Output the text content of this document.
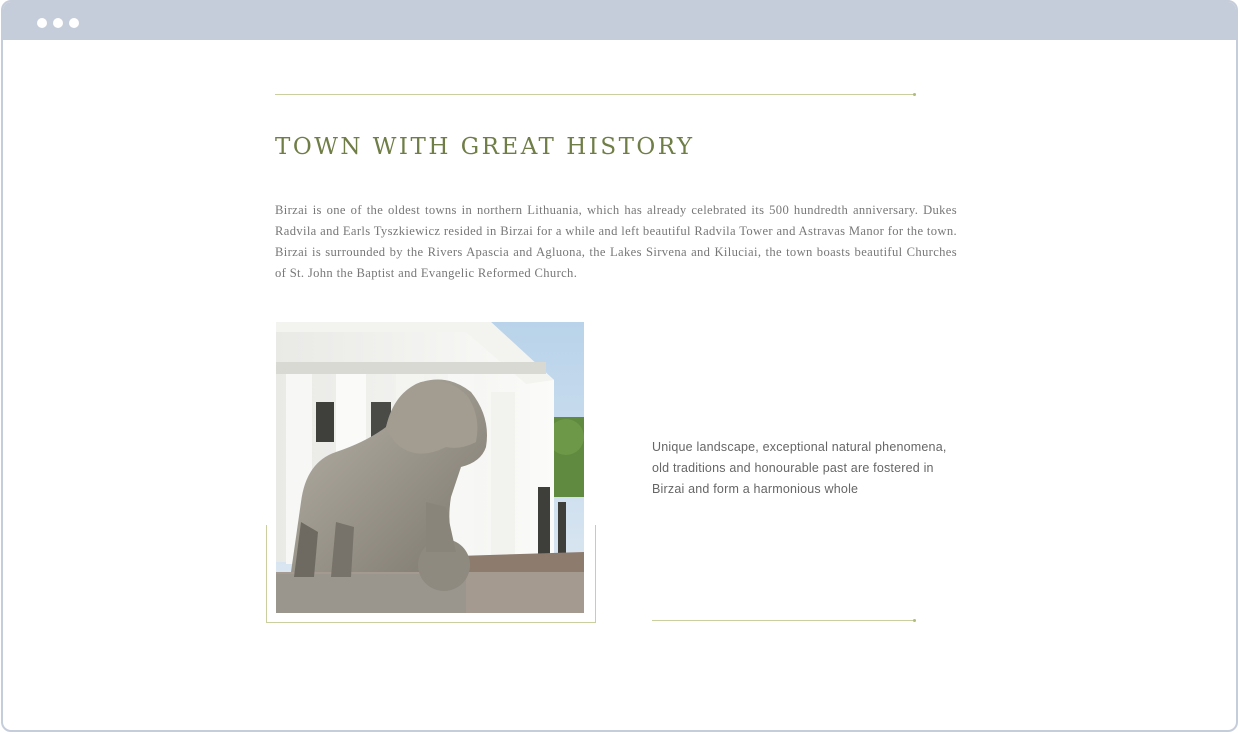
TOWN WITH GREAT HISTORY

Birzai is one of the oldest towns in northern Lithuania, which has already celebrated its 500 hundredth anniversary. Dukes Radvila and Earls Tyszkiewicz resided in Birzai for a while and left beautiful Radvila Tower and Astravas Manor for the town. Birzai is surrounded by the Rivers Apascia and Agluona, the Lakes Sirvena and Kiluciai, the town boasts beautiful Churches of St. John the Baptist and Evangelic Reformed Church.

Unique landscape, exceptional natural phenomena, old traditions and honourable past are fostered in Birzai and form a harmonious whole
